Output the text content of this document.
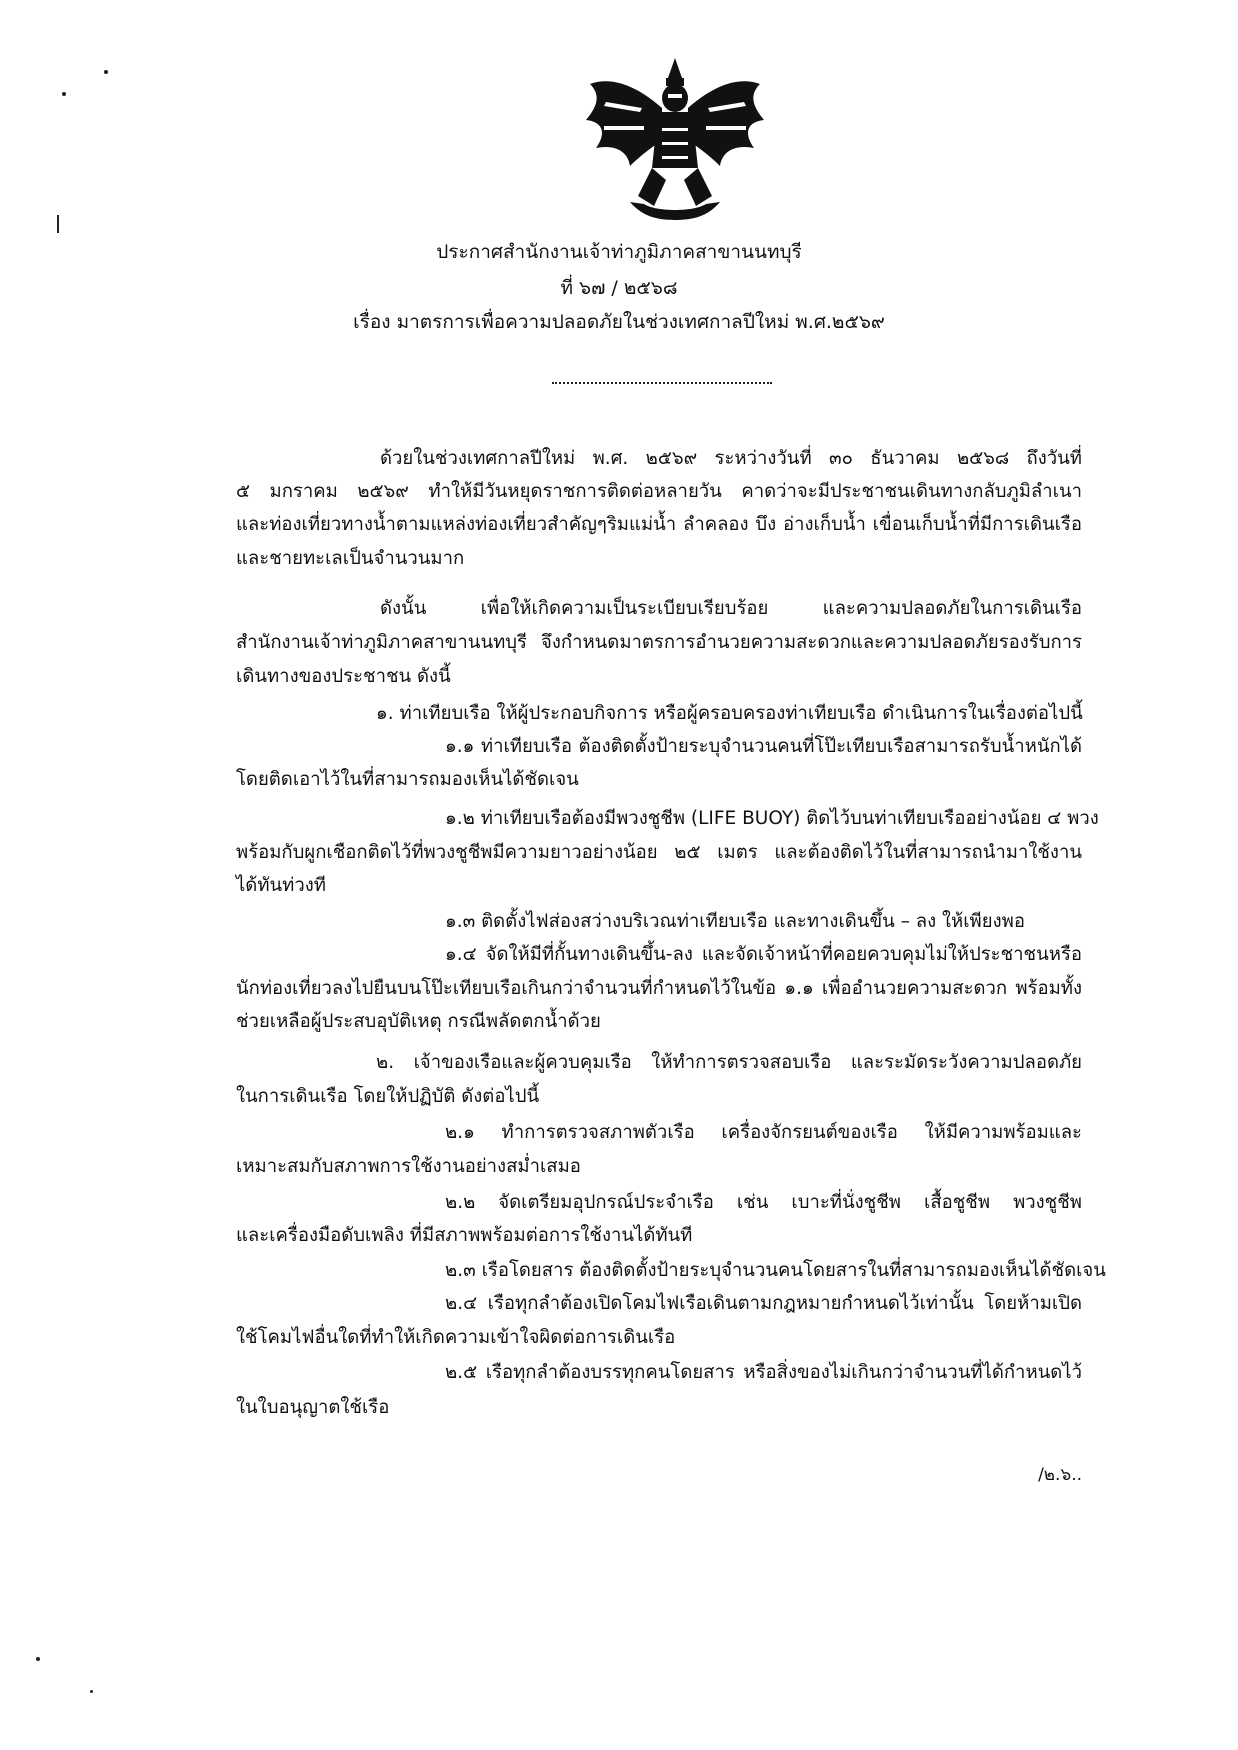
ประกาศสำนักงานเจ้าท่าภูมิภาคสาขานนทบุรี
ที่ ๖๗ / ๒๕๖๘
เรื่อง มาตรการเพื่อความปลอดภัยในช่วงเทศกาลปีใหม่ พ.ศ.๒๕๖๙
ด้วยในช่วงเทศกาลปีใหม่ พ.ศ. ๒๕๖๙ ระหว่างวันที่ ๓๐ ธันวาคม ๒๕๖๘ ถึงวันที่
๕ มกราคม ๒๕๖๙ ทำให้มีวันหยุดราชการติดต่อหลายวัน คาดว่าจะมีประชาชนเดินทางกลับภูมิลำเนา
และท่องเที่ยวทางน้ำตามแหล่งท่องเที่ยวสำคัญๆริมแม่น้ำ ลำคลอง บึง อ่างเก็บน้ำ เขื่อนเก็บน้ำที่มีการเดินเรือ
และชายทะเลเป็นจำนวนมาก
ดังนั้น เพื่อให้เกิดความเป็นระเบียบเรียบร้อย และความปลอดภัยในการเดินเรือ
สำนักงานเจ้าท่าภูมิภาคสาขานนทบุรี จึงกำหนดมาตรการอำนวยความสะดวกและความปลอดภัยรองรับการ
เดินทางของประชาชน ดังนี้
๑. ท่าเทียบเรือ ให้ผู้ประกอบกิจการ หรือผู้ครอบครองท่าเทียบเรือ ดำเนินการในเรื่องต่อไปนี้
๑.๑ ท่าเทียบเรือ ต้องติดตั้งป้ายระบุจำนวนคนที่โป๊ะเทียบเรือสามารถรับน้ำหนักได้
โดยติดเอาไว้ในที่สามารถมองเห็นได้ชัดเจน
๑.๒ ท่าเทียบเรือต้องมีพวงชูชีพ (LIFE BUOY) ติดไว้บนท่าเทียบเรืออย่างน้อย ๔ พวง
พร้อมกับผูกเชือกติดไว้ที่พวงชูชีพมีความยาวอย่างน้อย ๒๕ เมตร และต้องติดไว้ในที่สามารถนำมาใช้งาน
ได้ทันท่วงที
๑.๓ ติดตั้งไฟส่องสว่างบริเวณท่าเทียบเรือ และทางเดินขึ้น – ลง ให้เพียงพอ
๑.๔ จัดให้มีที่กั้นทางเดินขึ้น-ลง และจัดเจ้าหน้าที่คอยควบคุมไม่ให้ประชาชนหรือ
นักท่องเที่ยวลงไปยืนบนโป๊ะเทียบเรือเกินกว่าจำนวนที่กำหนดไว้ในข้อ ๑.๑ เพื่ออำนวยความสะดวก พร้อมทั้ง
ช่วยเหลือผู้ประสบอุบัติเหตุ กรณีพลัดตกน้ำด้วย
๒. เจ้าของเรือและผู้ควบคุมเรือ ให้ทำการตรวจสอบเรือ และระมัดระวังความปลอดภัย
ในการเดินเรือ โดยให้ปฏิบัติ ดังต่อไปนี้
๒.๑ ทำการตรวจสภาพตัวเรือ เครื่องจักรยนต์ของเรือ ให้มีความพร้อมและ
เหมาะสมกับสภาพการใช้งานอย่างสม่ำเสมอ
๒.๒ จัดเตรียมอุปกรณ์ประจำเรือ เช่น เบาะที่นั่งชูชีพ เสื้อชูชีพ พวงชูชีพ
และเครื่องมือดับเพลิง ที่มีสภาพพร้อมต่อการใช้งานได้ทันที
๒.๓ เรือโดยสาร ต้องติดตั้งป้ายระบุจำนวนคนโดยสารในที่สามารถมองเห็นได้ชัดเจน
๒.๔ เรือทุกลำต้องเปิดโคมไฟเรือเดินตามกฎหมายกำหนดไว้เท่านั้น โดยห้ามเปิด
ใช้โคมไฟอื่นใดที่ทำให้เกิดความเข้าใจผิดต่อการเดินเรือ
๒.๕ เรือทุกลำต้องบรรทุกคนโดยสาร หรือสิ่งของไม่เกินกว่าจำนวนที่ได้กำหนดไว้
ในใบอนุญาตใช้เรือ
/๒.๖..
